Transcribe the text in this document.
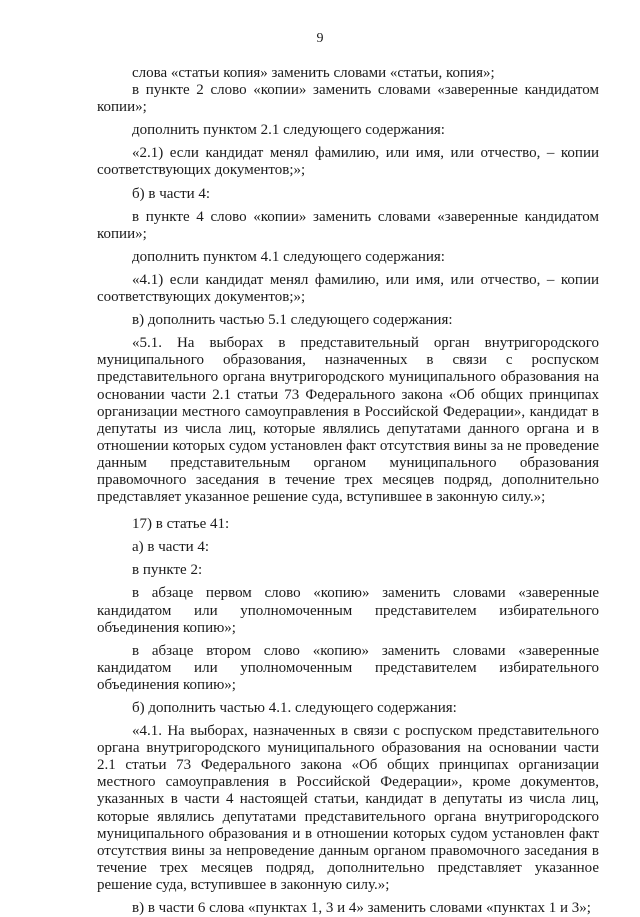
9

слова «статьи копия» заменить словами «статьи, копия»;

в пункте 2 слово «копии» заменить словами «заверенные кандидатом копии»;

дополнить пунктом 2.1 следующего содержания:

«2.1) если кандидат менял фамилию, или имя, или отчество, – копии соответствующих документов;»;

б) в части 4:

в пункте 4 слово «копии» заменить словами «заверенные кандидатом копии»;

дополнить пунктом 4.1 следующего содержания:

«4.1) если кандидат менял фамилию, или имя, или отчество, – копии соответствующих документов;»;

в) дополнить частью 5.1 следующего содержания:

«5.1. На выборах в представительный орган внутригородского муниципального образования, назначенных в связи с роспуском представительного органа внутригородского муниципального образования на основании части 2.1 статьи 73 Федерального закона «Об общих принципах организации местного самоуправления в Российской Федерации», кандидат в депутаты из числа лиц, которые являлись депутатами данного органа и в отношении которых судом установлен факт отсутствия вины за не проведение данным представительным органом муниципального образования правомочного заседания в течение трех месяцев подряд, дополнительно представляет указанное решение суда, вступившее в законную силу.»;

17) в статье 41:

а) в части 4:

в пункте 2:

в абзаце первом слово «копию» заменить словами «заверенные кандидатом или уполномоченным представителем избирательного объединения копию»;

в абзаце втором слово «копию» заменить словами «заверенные кандидатом или уполномоченным представителем избирательного объединения копию»;

б) дополнить частью 4.1. следующего содержания:

«4.1. На выборах, назначенных в связи с роспуском представительного органа внутригородского муниципального образования на основании части 2.1 статьи 73 Федерального закона «Об общих принципах организации местного самоуправления в Российской Федерации», кроме документов, указанных в части 4 настоящей статьи, кандидат в депутаты из числа лиц, которые являлись депутатами представительного органа внутригородского муниципального образования и в отношении которых судом установлен факт отсутствия вины за непроведение данным органом правомочного заседания в течение трех месяцев подряд, дополнительно представляет указанное решение суда, вступившее в законную силу.»;

в) в части 6 слова «пунктах 1, 3 и 4» заменить словами «пунктах 1 и 3»;
